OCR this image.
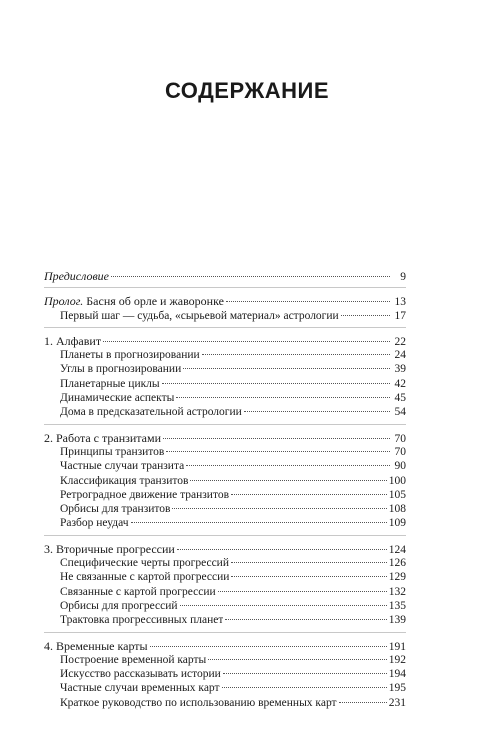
СОДЕРЖАНИЕ
Предисловие	9
Пролог. Басня об орле и жаворонке	13
Первый шаг — судьба, «сырьевой материал» астрологии	17
1. Алфавит	22
Планеты в прогнозировании	24
Углы в прогнозировании	39
Планетарные циклы	42
Динамические аспекты	45
Дома в предсказательной астрологии	54
2. Работа с транзитами	70
Принципы транзитов	70
Частные случаи транзита	90
Классификация транзитов	100
Ретроградное движение транзитов	105
Орбисы для транзитов	108
Разбор неудач	109
3. Вторичные прогрессии	124
Специфические черты прогрессий	126
Не связанные с картой прогрессии	129
Связанные с картой прогрессии	132
Орбисы для прогрессий	135
Трактовка прогрессивных планет	139
4. Временные карты	191
Построение временной карты	192
Искусство рассказывать истории	194
Частные случаи временных карт	195
Краткое руководство по использованию временных карт	231
